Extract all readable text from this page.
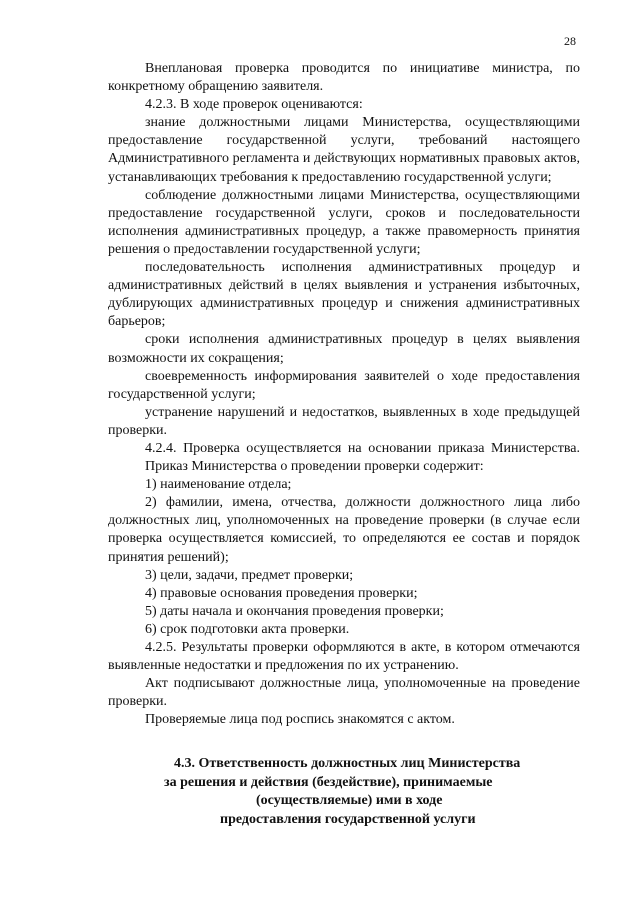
28

Внеплановая проверка проводится по инициативе министра, по конкретному обращению заявителя.

4.2.3. В ходе проверок оцениваются:

знание должностными лицами Министерства, осуществляющими предоставление государственной услуги, требований настоящего Административного регламента и действующих нормативных правовых актов, устанавливающих требования к предоставлению государственной услуги;

соблюдение должностными лицами Министерства, осуществляющими предоставление государственной услуги, сроков и последовательности исполнения административных процедур, а также правомерность принятия решения о предоставлении государственной услуги;

последовательность исполнения административных процедур и административных действий в целях выявления и устранения избыточных, дублирующих административных процедур и снижения административных барьеров;

сроки исполнения административных процедур в целях выявления возможности их сокращения;

своевременность информирования заявителей о ходе предоставления государственной услуги;

устранение нарушений и недостатков, выявленных в ходе предыдущей проверки.

4.2.4. Проверка осуществляется на основании приказа Министерства.

Приказ Министерства о проведении проверки содержит:

1) наименование отдела;

2) фамилии, имена, отчества, должности должностного лица либо должностных лиц, уполномоченных на проведение проверки (в случае если проверка осуществляется комиссией, то определяются ее состав и порядок принятия решений);

3) цели, задачи, предмет проверки;

4) правовые основания проведения проверки;

5) даты начала и окончания проведения проверки;

6) срок подготовки акта проверки.

4.2.5. Результаты проверки оформляются в акте, в котором отмечаются выявленные недостатки и предложения по их устранению.

Акт подписывают должностные лица, уполномоченные на проведение проверки.

Проверяемые лица под роспись знакомятся с актом.

4.3. Ответственность должностных лиц Министерства
за решения и действия (бездействие), принимаемые
(осуществляемые) ими в ходе
предоставления государственной услуги
